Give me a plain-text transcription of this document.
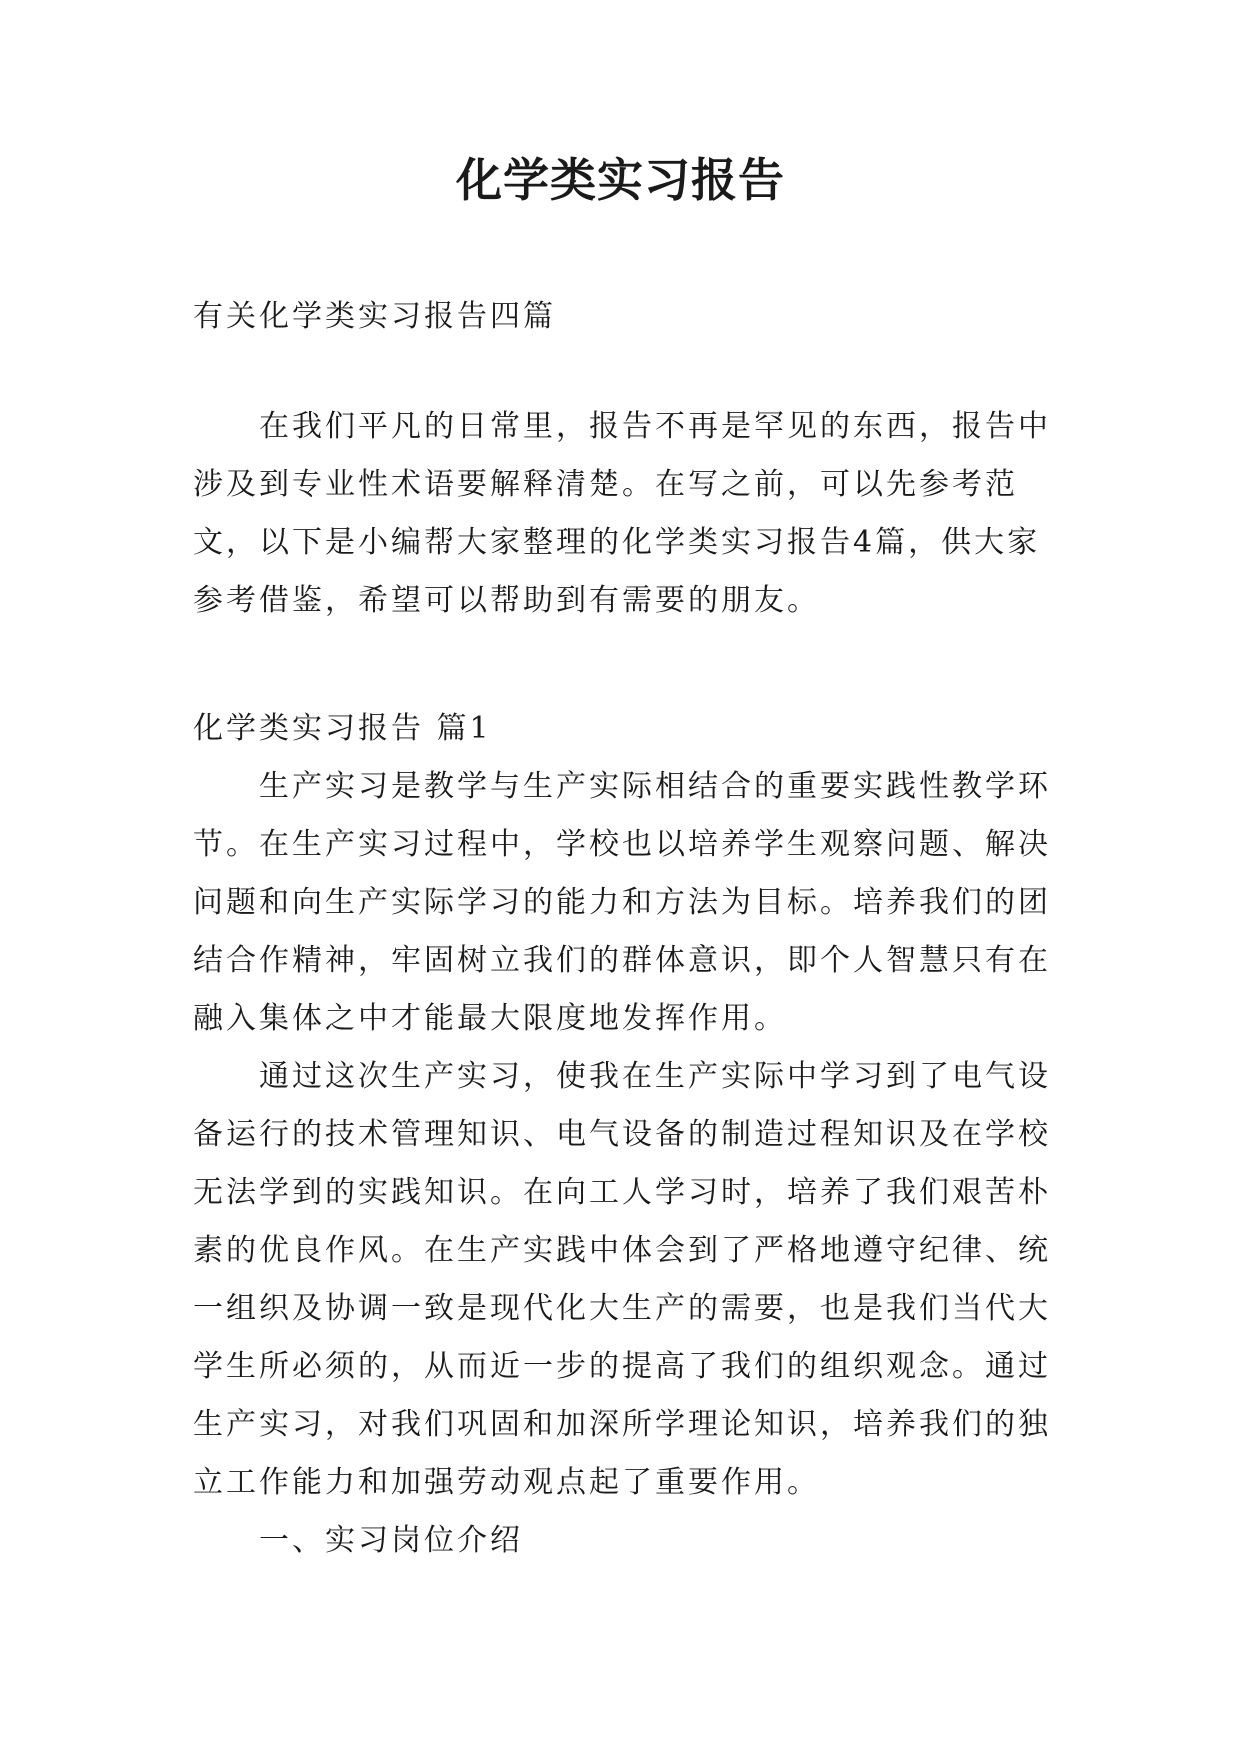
化学类实习报告

有关化学类实习报告四篇

在我们平凡的日常里，报告不再是罕见的东西，报告中涉及到专业性术语要解释清楚。在写之前，可以先参考范文，以下是小编帮大家整理的化学类实习报告4篇，供大家参考借鉴，希望可以帮助到有需要的朋友。

化学类实习报告 篇1

生产实习是教学与生产实际相结合的重要实践性教学环节。在生产实习过程中，学校也以培养学生观察问题、解决问题和向生产实际学习的能力和方法为目标。培养我们的团结合作精神，牢固树立我们的群体意识，即个人智慧只有在融入集体之中才能最大限度地发挥作用。

通过这次生产实习，使我在生产实际中学习到了电气设备运行的技术管理知识、电气设备的制造过程知识及在学校无法学到的实践知识。在向工人学习时，培养了我们艰苦朴素的优良作风。在生产实践中体会到了严格地遵守纪律、统一组织及协调一致是现代化大生产的需要，也是我们当代大学生所必须的，从而近一步的提高了我们的组织观念。通过生产实习，对我们巩固和加深所学理论知识，培养我们的独立工作能力和加强劳动观点起了重要作用。

一、实习岗位介绍
